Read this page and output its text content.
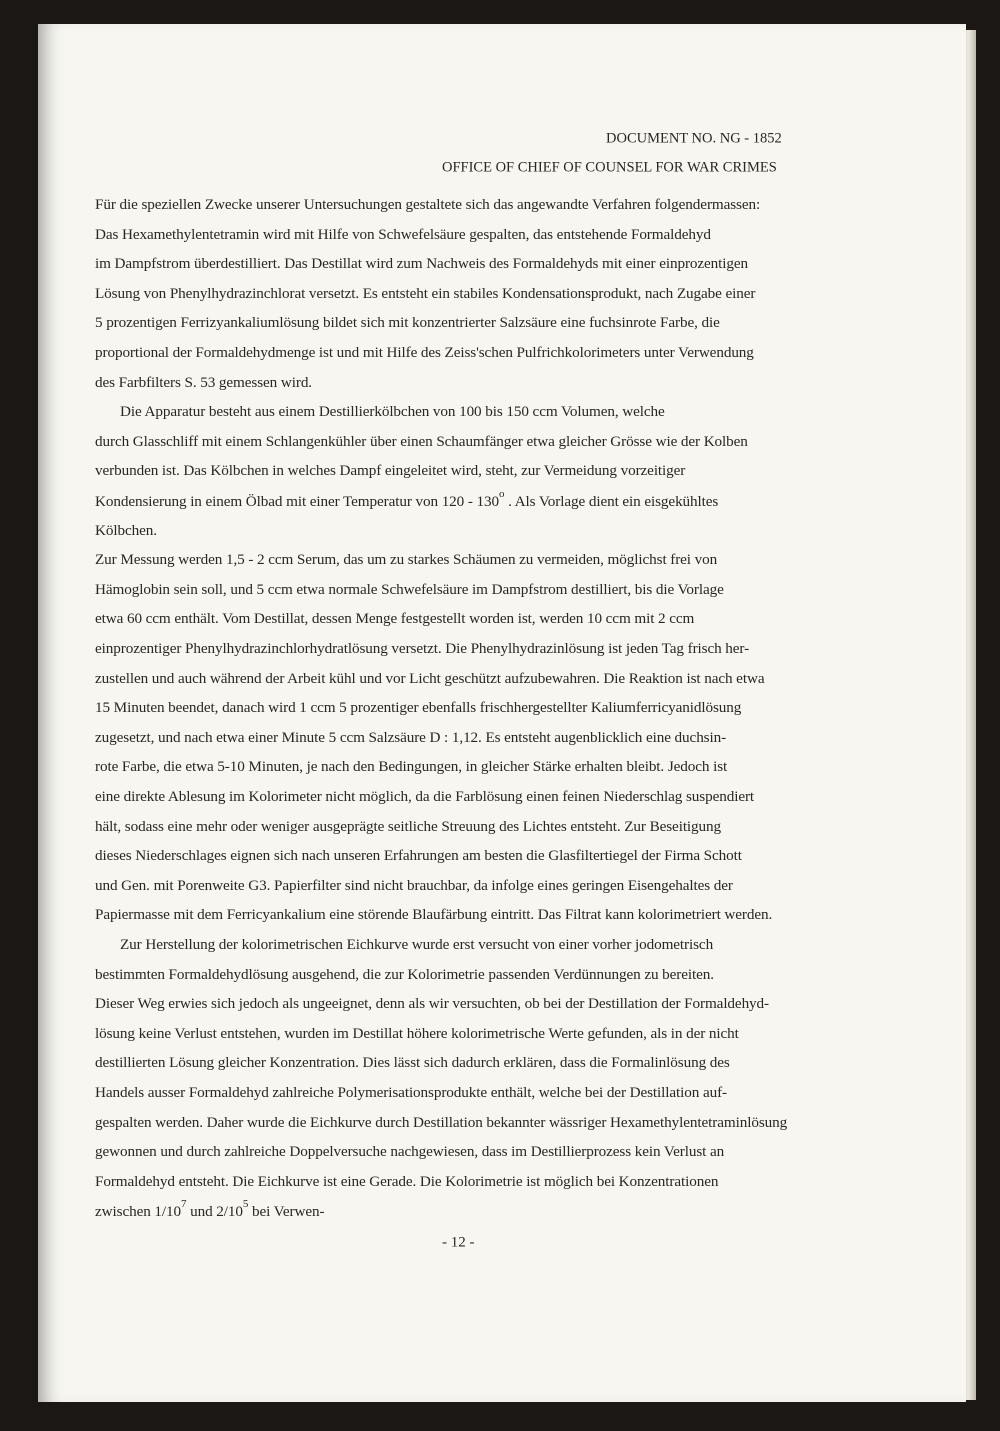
DOCUMENT NO. NG - 1852
OFFICE OF CHIEF OF COUNSEL FOR WAR CRIMES
Für die speziellen Zwecke unserer Untersuchungen gestaltete sich das angewandte Verfahren folgendermassen:
Das Hexamethylentetramin wird mit Hilfe von Schwefelsäure gespalten, das entstehende Formaldehyd
im Dampfstrom überdestilliert. Das Destillat wird zum Nachweis des Formaldehyds mit einer einprozentigen
Lösung von Phenylhydrazinchlorat versetzt. Es entsteht ein stabiles Kondensationsprodukt, nach Zugabe einer
5 prozentigen Ferrizyankaliumlösung bildet sich mit konzentrierter Salzsäure eine fuchsinrote Farbe, die
proportional der Formaldehydmenge ist und mit Hilfe des Zeiss'schen Pulfrichkolorimeters unter Verwendung
des Farbfilters S. 53 gemessen wird.
Die Apparatur besteht aus einem Destillierkölbchen von 100 bis 150 ccm Volumen, welche
durch Glasschliff mit einem Schlangenkühler über einen Schaumfänger etwa gleicher Grösse wie der Kolben
verbunden ist. Das Kölbchen in welches Dampf eingeleitet wird, steht, zur Vermeidung vorzeitiger
Kondensierung in einem Ölbad mit einer Temperatur von 120 - 130$^o$ . Als Vorlage dient ein eisgekühltes
Kölbchen.
Zur Messung werden 1,5 - 2 ccm Serum, das um zu starkes Schäumen zu vermeiden, möglichst frei von
Hämoglobin sein soll, und 5 ccm etwa normale Schwefelsäure im Dampfstrom destilliert, bis die Vorlage
etwa 60 ccm enthält. Vom Destillat, dessen Menge festgestellt worden ist, werden 10 ccm mit 2 ccm
einprozentiger Phenylhydrazinchlorhydratlösung versetzt. Die Phenylhydrazinlösung ist jeden Tag frisch her-
zustellen und auch während der Arbeit kühl und vor Licht geschützt aufzubewahren. Die Reaktion ist nach etwa
15 Minuten beendet, danach wird 1 ccm 5 prozentiger ebenfalls frischhergestellter Kaliumferricyanidlösung
zugesetzt, und nach etwa einer Minute 5 ccm Salzsäure D : 1,12. Es entsteht augenblicklich eine duchsin-
rote Farbe, die etwa 5-10 Minuten, je nach den Bedingungen, in gleicher Stärke erhalten bleibt. Jedoch ist
eine direkte Ablesung im Kolorimeter nicht möglich, da die Farblösung einen feinen Niederschlag suspendiert
hält, sodass eine mehr oder weniger ausgeprägte seitliche Streuung des Lichtes entsteht. Zur Beseitigung
dieses Niederschlages eignen sich nach unseren Erfahrungen am besten die Glasfiltertiegel der Firma Schott
und Gen. mit Porenweite G3. Papierfilter sind nicht brauchbar, da infolge eines geringen Eisengehaltes der
Papiermasse mit dem Ferricyankalium eine störende Blaufärbung eintritt. Das Filtrat kann kolorimetriert werden.
Zur Herstellung der kolorimetrischen Eichkurve wurde erst versucht von einer vorher jodometrisch
bestimmten Formaldehydlösung ausgehend, die zur Kolorimetrie passenden Verdünnungen zu bereiten.
Dieser Weg erwies sich jedoch als ungeeignet, denn als wir versuchten, ob bei der Destillation der Formaldehyd-
lösung keine Verlust entstehen, wurden im Destillat höhere kolorimetrische Werte gefunden, als in der nicht
destillierten Lösung gleicher Konzentration. Dies lässt sich dadurch erklären, dass die Formalinlösung des
Handels ausser Formaldehyd zahlreiche Polymerisationsprodukte enthält, welche bei der Destillation auf-
gespalten werden. Daher wurde die Eichkurve durch Destillation bekannter wässriger Hexamethylentetraminlösung
gewonnen und durch zahlreiche Doppelversuche nachgewiesen, dass im Destillierprozess kein Verlust an
Formaldehyd entsteht. Die Eichkurve ist eine Gerade. Die Kolorimetrie ist möglich bei Konzentrationen
zwischen $1/10^7$ und $2/10^5$ bei Verwen-
- 12 -
